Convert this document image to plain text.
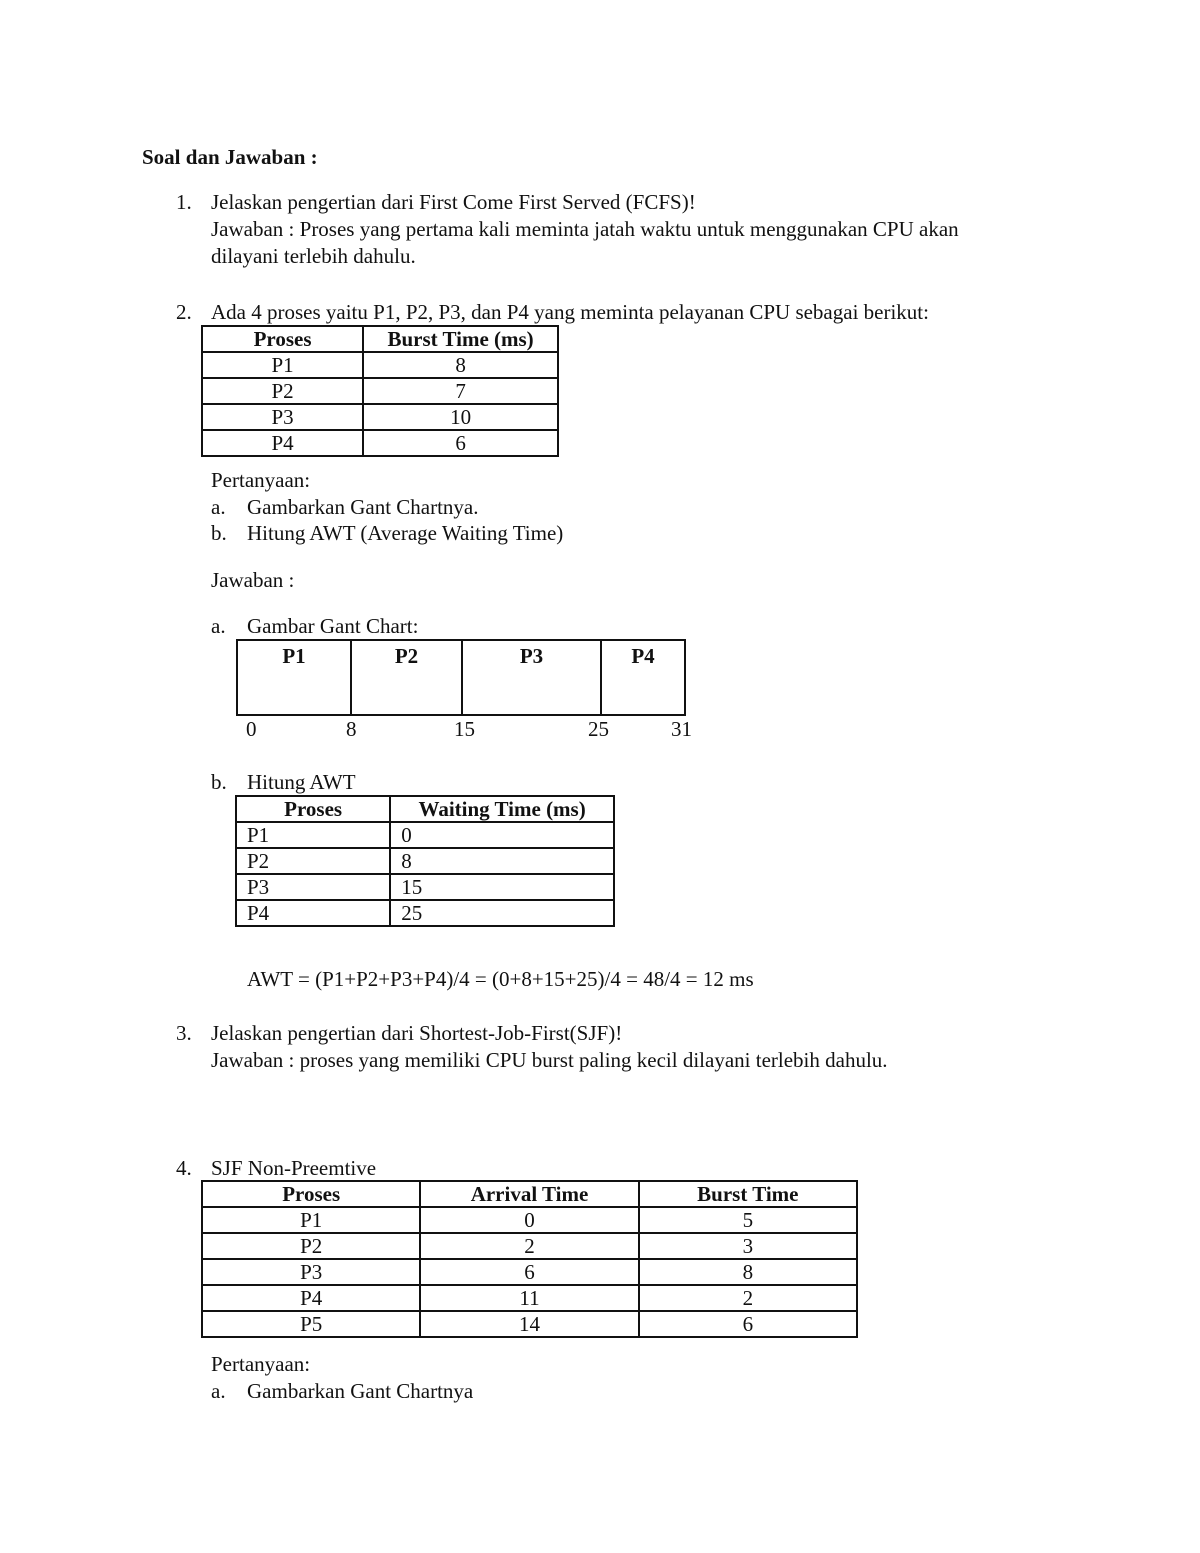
Soal dan Jawaban :
1. Jelaskan pengertian dari First Come First Served (FCFS)!
Jawaban : Proses yang pertama kali meminta jatah waktu untuk menggunakan CPU akan
dilayani terlebih dahulu.
2. Ada 4 proses yaitu P1, P2, P3, dan P4 yang meminta pelayanan CPU sebagai berikut:
Proses	Burst Time (ms)
P1	8
P2	7
P3	10
P4	6
Pertanyaan:
a. Gambarkan Gant Chartnya.
b. Hitung AWT (Average Waiting Time)
Jawaban :
a. Gambar Gant Chart:
P1	P2	P3	P4
0	8	15	25	31
b. Hitung AWT
Proses	Waiting Time (ms)
P1	0
P2	8
P3	15
P4	25
AWT = (P1+P2+P3+P4)/4 = (0+8+15+25)/4 = 48/4 = 12 ms
3. Jelaskan pengertian dari Shortest-Job-First(SJF)!
Jawaban : proses yang memiliki CPU burst paling kecil dilayani terlebih dahulu.
4. SJF Non-Preemtive
Proses	Arrival Time	Burst Time
P1	0	5
P2	2	3
P3	6	8
P4	11	2
P5	14	6
Pertanyaan:
a. Gambarkan Gant Chartnya
